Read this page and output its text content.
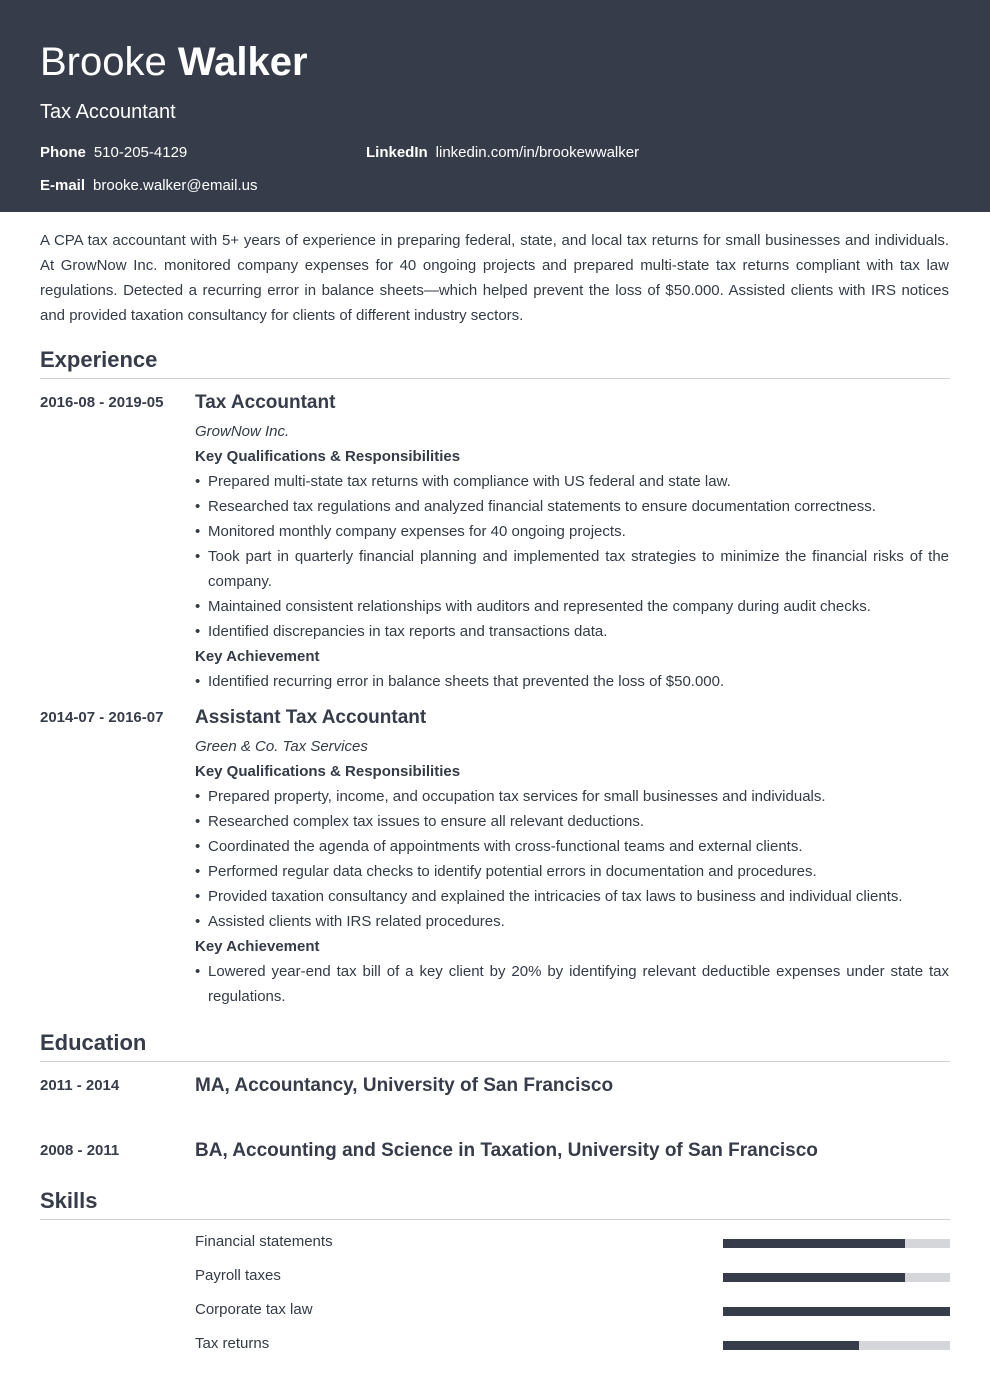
Brooke Walker
Tax Accountant
Phone 510-205-4129	LinkedIn linkedin.com/in/brookewwalker
E-mail brooke.walker@email.us

A CPA tax accountant with 5+ years of experience in preparing federal, state, and local tax returns for small businesses and individuals. At GrowNow Inc. monitored company expenses for 40 ongoing projects and prepared multi-state tax returns compliant with tax law regulations. Detected a recurring error in balance sheets—which helped prevent the loss of $50.000. Assisted clients with IRS notices and provided taxation consultancy for clients of different industry sectors.

Experience
2016-08 - 2019-05 Tax Accountant
GrowNow Inc.
Key Qualifications & Responsibilities
• Prepared multi-state tax returns with compliance with US federal and state law.
• Researched tax regulations and analyzed financial statements to ensure documentation correctness.
• Monitored monthly company expenses for 40 ongoing projects.
• Took part in quarterly financial planning and implemented tax strategies to minimize the financial risks of the company.
• Maintained consistent relationships with auditors and represented the company during audit checks.
• Identified discrepancies in tax reports and transactions data.
Key Achievement
• Identified recurring error in balance sheets that prevented the loss of $50.000.
2014-07 - 2016-07 Assistant Tax Accountant
Green & Co. Tax Services
Key Qualifications & Responsibilities
• Prepared property, income, and occupation tax services for small businesses and individuals.
• Researched complex tax issues to ensure all relevant deductions.
• Coordinated the agenda of appointments with cross-functional teams and external clients.
• Performed regular data checks to identify potential errors in documentation and procedures.
• Provided taxation consultancy and explained the intricacies of tax laws to business and individual clients.
• Assisted clients with IRS related procedures.
Key Achievement
• Lowered year-end tax bill of a key client by 20% by identifying relevant deductible expenses under state tax regulations.
Education
2011 - 2014	MA, Accountancy, University of San Francisco
2008 - 2011	BA, Accounting and Science in Taxation, University of San Francisco
Skills
Financial statements
Payroll taxes
Corporate tax law
Tax returns
